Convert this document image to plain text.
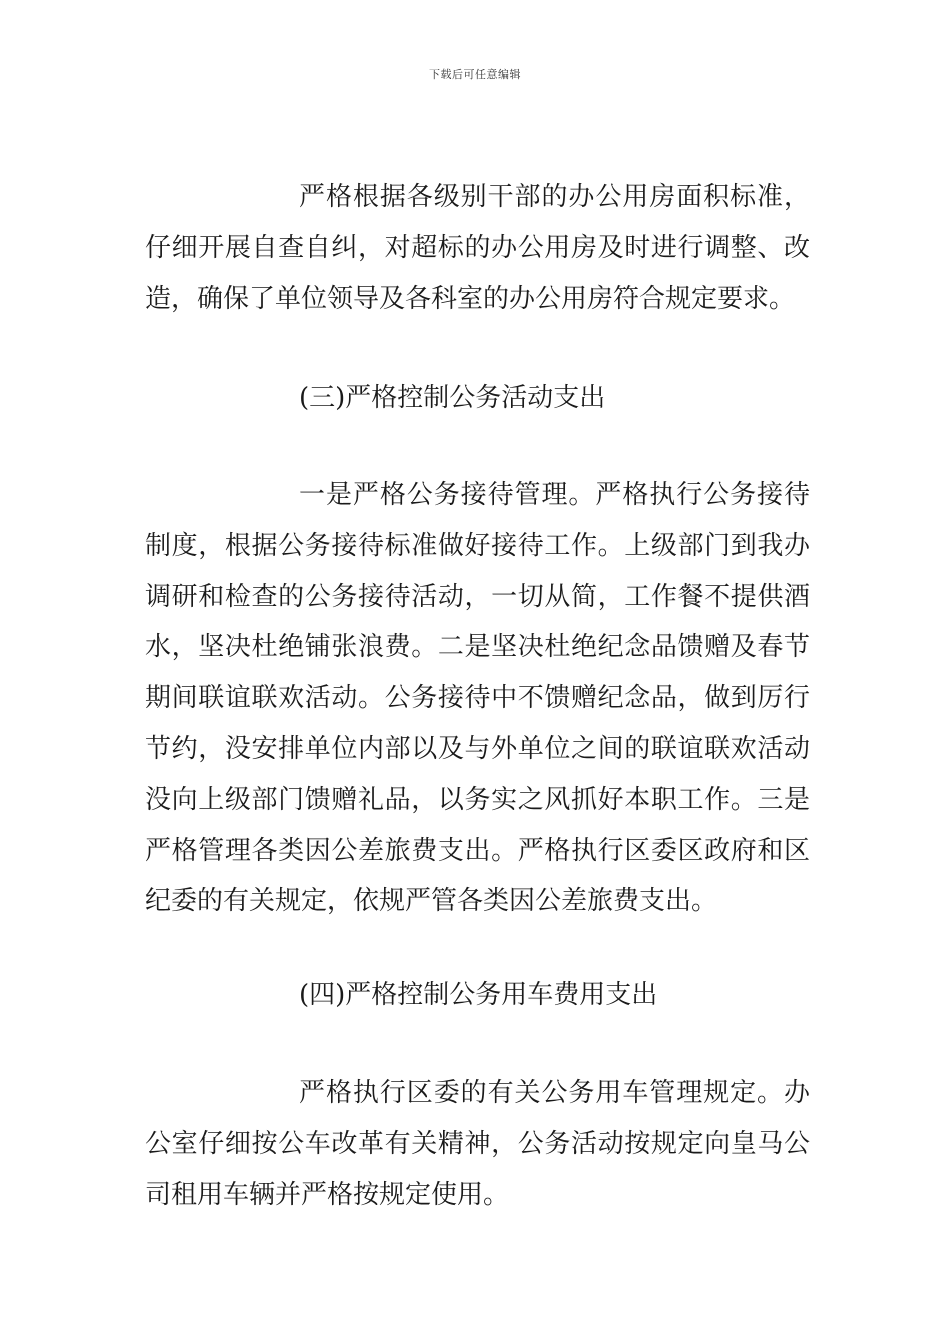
下载后可任意编辑

严格根据各级别干部的办公用房面积标准，仔细开展自查自纠，对超标的办公用房及时进行调整、改造，确保了单位领导及各科室的办公用房符合规定要求。

(三)严格控制公务活动支出

一是严格公务接待管理。严格执行公务接待制度，根据公务接待标准做好接待工作。上级部门到我办调研和检查的公务接待活动，一切从简，工作餐不提供酒水，坚决杜绝铺张浪费。二是坚决杜绝纪念品馈赠及春节期间联谊联欢活动。公务接待中不馈赠纪念品，做到厉行节约，没安排单位内部以及与外单位之间的联谊联欢活动没向上级部门馈赠礼品，以务实之风抓好本职工作。三是严格管理各类因公差旅费支出。严格执行区委区政府和区纪委的有关规定，依规严管各类因公差旅费支出。

(四)严格控制公务用车费用支出

严格执行区委的有关公务用车管理规定。办公室仔细按公车改革有关精神，公务活动按规定向皇马公司租用车辆并严格按规定使用。
